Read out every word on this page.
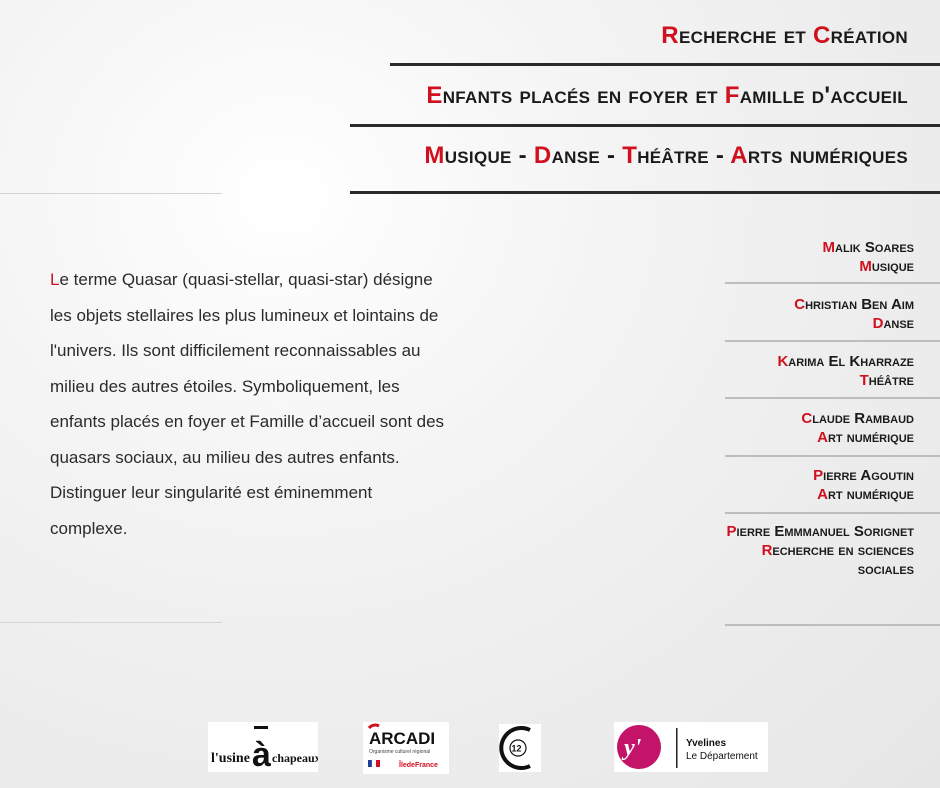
Recherche et Création
Enfants placés en foyer et Famille d'accueil
Musique - Danse - Théâtre - Arts numériques
Le terme Quasar (quasi-stellar, quasi-star) désigne les objets stellaires les plus lumineux et lointains de l'univers. Ils sont difficilement reconnaissables au milieu des autres étoiles. Symboliquement, les enfants placés en foyer et Famille d’accueil sont des quasars sociaux, au milieu des autres enfants. Distinguer leur singularité est éminemment complexe.
Malik Soares
Musique
Christian Ben Aim
Danse
Karima El Kharraze
Théâtre
Claude Rambaud
Art numérique
Pierre Agoutin
Art numérique
Pierre Emmmanuel Sorignet
Recherche en sciences sociales
l'usine à chapeaux
ARCADI
Organisme culturel régional
ÎledeFrance
12	y'	Yvelines
Le Département
